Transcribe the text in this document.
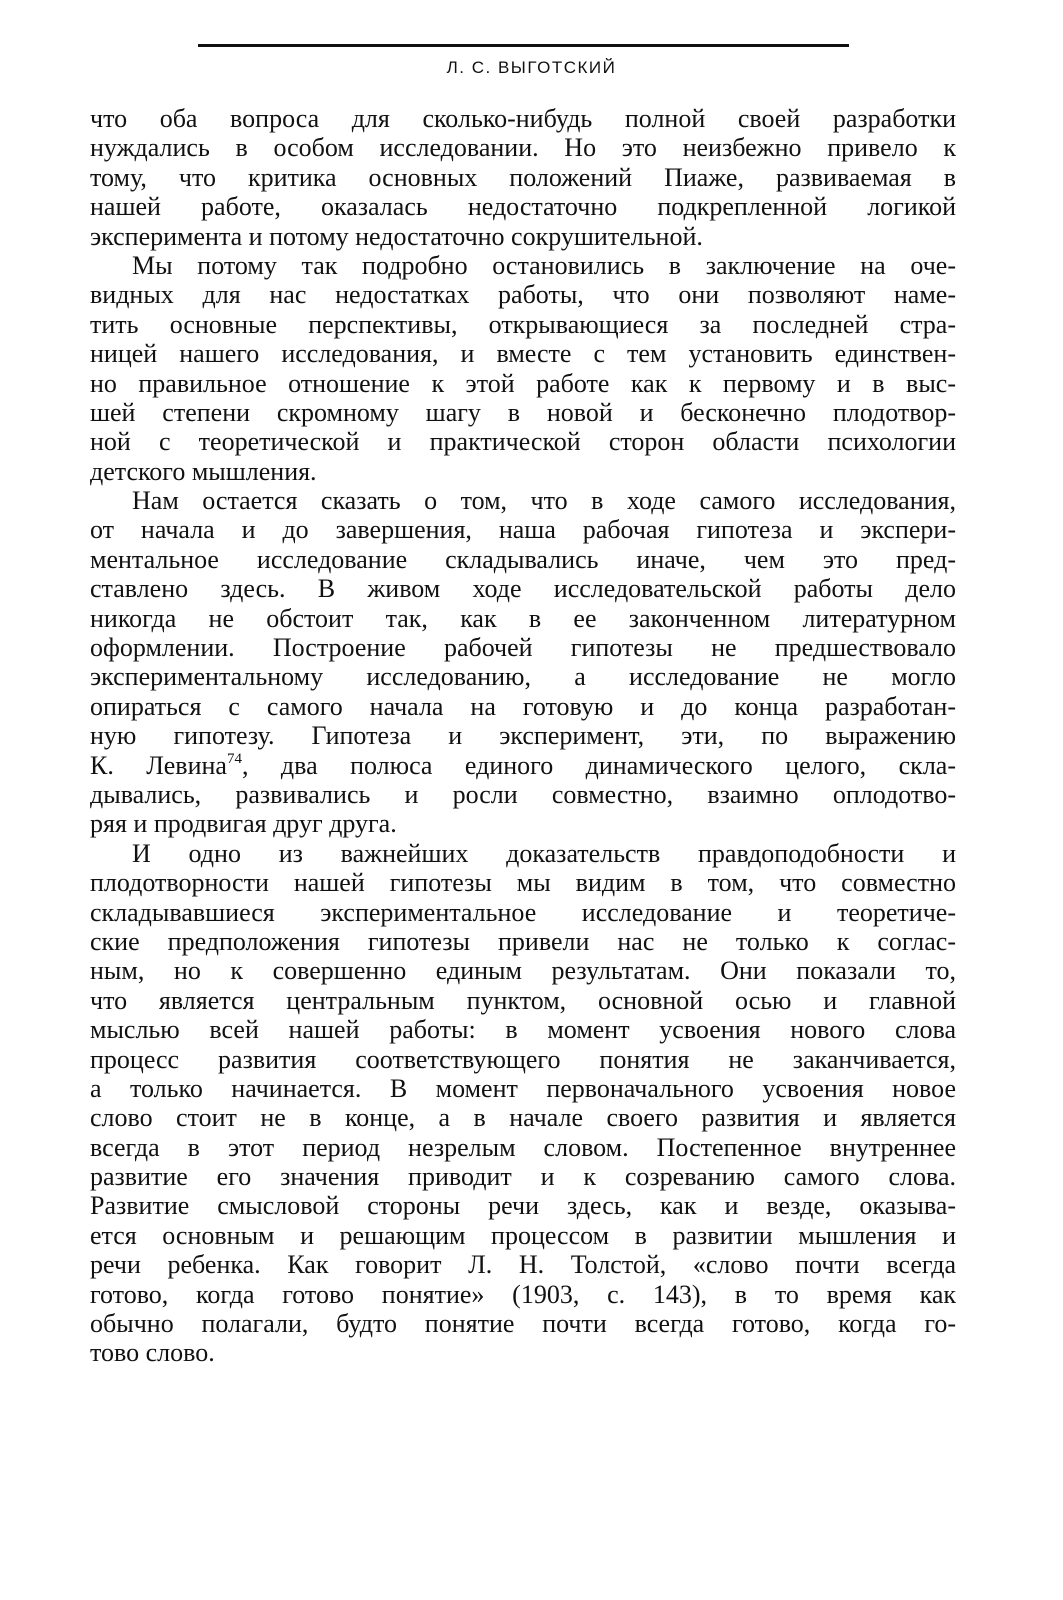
Л. С. ВЫГОТСКИЙ
что оба вопроса для сколько-нибудь полной своей разработки
нуждались в особом исследовании. Но это неизбежно привело к
тому, что критика основных положений Пиаже, развиваемая в
нашей работе, оказалась недостаточно подкрепленной логикой
эксперимента и потому недостаточно сокрушительной.
Мы потому так подробно остановились в заключение на оче-
видных для нас недостатках работы, что они позволяют наме-
тить основные перспективы, открывающиеся за последней стра-
ницей нашего исследования, и вместе с тем установить единствен-
но правильное отношение к этой работе как к первому и в выс-
шей степени скромному шагу в новой и бесконечно плодотвор-
ной с теоретической и практической сторон области психологии
детского мышления.
Нам остается сказать о том, что в ходе самого исследования,
от начала и до завершения, наша рабочая гипотеза и экспери-
ментальное исследование складывались иначе, чем это пред-
ставлено здесь. В живом ходе исследовательской работы дело
никогда не обстоит так, как в ее законченном литературном
оформлении. Построение рабочей гипотезы не предшествовало
экспериментальному исследованию, а исследование не могло
опираться с самого начала на готовую и до конца разработан-
ную гипотезу. Гипотеза и эксперимент, эти, по выражению
К. Левина$^{74}$, два полюса единого динамического целого, скла-
дывались, развивались и росли совместно, взаимно оплодотво-
ряя и продвигая друг друга.
И одно из важнейших доказательств правдоподобности и
плодотворности нашей гипотезы мы видим в том, что совместно
складывавшиеся экспериментальное исследование и теоретиче-
ские предположения гипотезы привели нас не только к соглас-
ным, но к совершенно единым результатам. Они показали то,
что является центральным пунктом, основной осью и главной
мыслью всей нашей работы: в момент усвоения нового слова
процесс развития соответствующего понятия не заканчивается,
а только начинается. В момент первоначального усвоения новое
слово стоит не в конце, а в начале своего развития и является
всегда в этот период незрелым словом. Постепенное внутреннее
развитие его значения приводит и к созреванию самого слова.
Развитие смысловой стороны речи здесь, как и везде, оказыва-
ется основным и решающим процессом в развитии мышления и
речи ребенка. Как говорит Л. Н. Толстой, «слово почти всегда
готово, когда готово понятие» (1903, с. 143), в то время как
обычно полагали, будто понятие почти всегда готово, когда го-
тово слово.
